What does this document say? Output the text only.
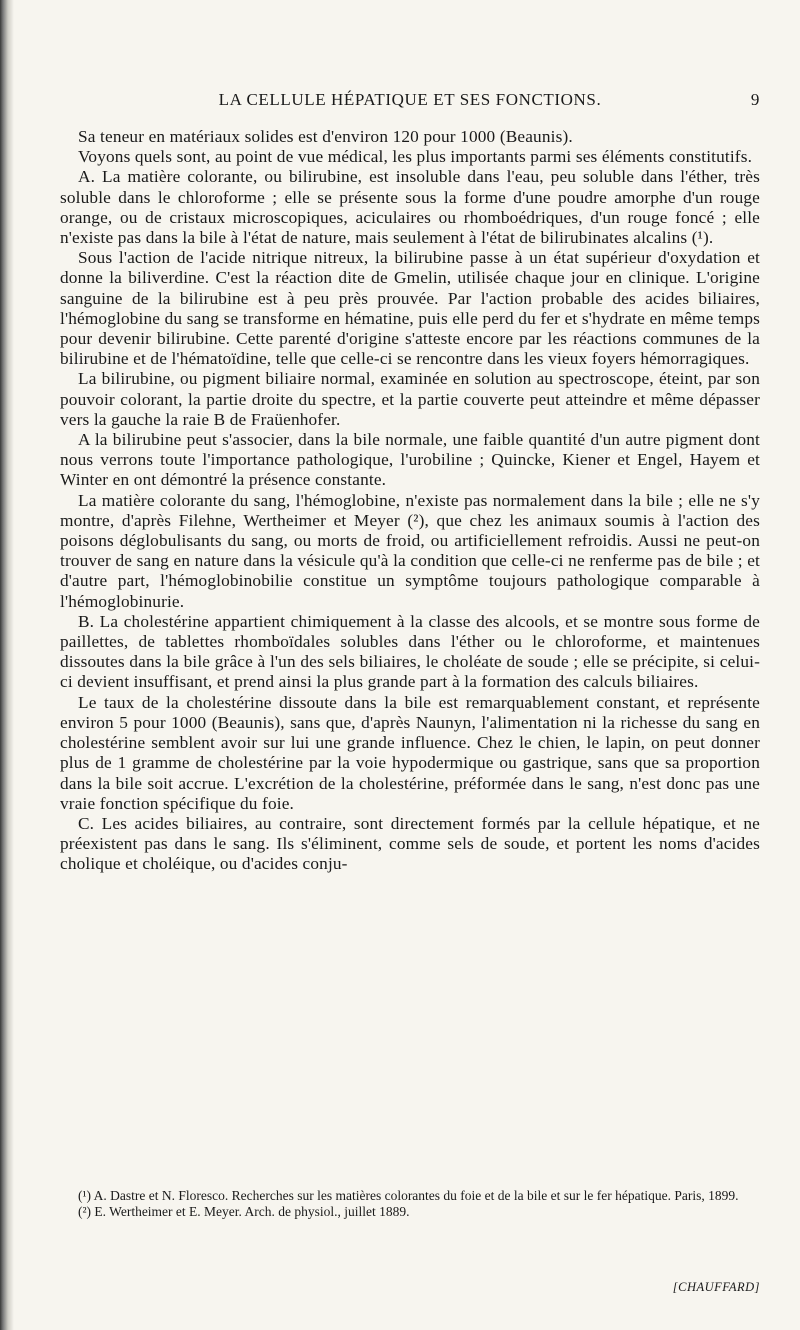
LA CELLULE HÉPATIQUE ET SES FONCTIONS.	9

Sa teneur en matériaux solides est d'environ 120 pour 1000 (Beaunis).

Voyons quels sont, au point de vue médical, les plus importants parmi ses éléments constitutifs.

A. La matière colorante, ou bilirubine, est insoluble dans l'eau, peu soluble dans l'éther, très soluble dans le chloroforme ; elle se présente sous la forme d'une poudre amorphe d'un rouge orange, ou de cristaux microscopiques, aciculaires ou rhomboédriques, d'un rouge foncé ; elle n'existe pas dans la bile à l'état de nature, mais seulement à l'état de bilirubinates alcalins (¹).

Sous l'action de l'acide nitrique nitreux, la bilirubine passe à un état supérieur d'oxydation et donne la biliverdine. C'est la réaction dite de Gmelin, utilisée chaque jour en clinique. L'origine sanguine de la bilirubine est à peu près prouvée. Par l'action probable des acides biliaires, l'hémoglobine du sang se transforme en hématine, puis elle perd du fer et s'hydrate en même temps pour devenir bilirubine. Cette parenté d'origine s'atteste encore par les réactions communes de la bilirubine et de l'hématoïdine, telle que celle-ci se rencontre dans les vieux foyers hémorragiques.

La bilirubine, ou pigment biliaire normal, examinée en solution au spectroscope, éteint, par son pouvoir colorant, la partie droite du spectre, et la partie couverte peut atteindre et même dépasser vers la gauche la raie B de Fraüenhofer.

A la bilirubine peut s'associer, dans la bile normale, une faible quantité d'un autre pigment dont nous verrons toute l'importance pathologique, l'urobiline ; Quincke, Kiener et Engel, Hayem et Winter en ont démontré la présence constante.

La matière colorante du sang, l'hémoglobine, n'existe pas normalement dans la bile ; elle ne s'y montre, d'après Filehne, Wertheimer et Meyer (²), que chez les animaux soumis à l'action des poisons déglobulisants du sang, ou morts de froid, ou artificiellement refroidis. Aussi ne peut-on trouver de sang en nature dans la vésicule qu'à la condition que celle-ci ne renferme pas de bile ; et d'autre part, l'hémoglobinobilie constitue un symptôme toujours pathologique comparable à l'hémoglobinurie.

B. La cholestérine appartient chimiquement à la classe des alcools, et se montre sous forme de paillettes, de tablettes rhomboïdales solubles dans l'éther ou le chloroforme, et maintenues dissoutes dans la bile grâce à l'un des sels biliaires, le choléate de soude ; elle se précipite, si celui-ci devient insuffisant, et prend ainsi la plus grande part à la formation des calculs biliaires.

Le taux de la cholestérine dissoute dans la bile est remarquablement constant, et représente environ 5 pour 1000 (Beaunis), sans que, d'après Naunyn, l'alimentation ni la richesse du sang en cholestérine semblent avoir sur lui une grande influence. Chez le chien, le lapin, on peut donner plus de 1 gramme de cholestérine par la voie hypodermique ou gastrique, sans que sa proportion dans la bile soit accrue. L'excrétion de la cholestérine, préformée dans le sang, n'est donc pas une vraie fonction spécifique du foie.

C. Les acides biliaires, au contraire, sont directement formés par la cellule hépatique, et ne préexistent pas dans le sang. Ils s'éliminent, comme sels de soude, et portent les noms d'acides cholique et choléique, ou d'acides conju-

(¹) A. Dastre et N. Floresco. Recherches sur les matières colorantes du foie et de la bile et sur le fer hépatique. Paris, 1899.

(²) E. Wertheimer et E. Meyer. Arch. de physiol., juillet 1889.

[CHAUFFARD]
